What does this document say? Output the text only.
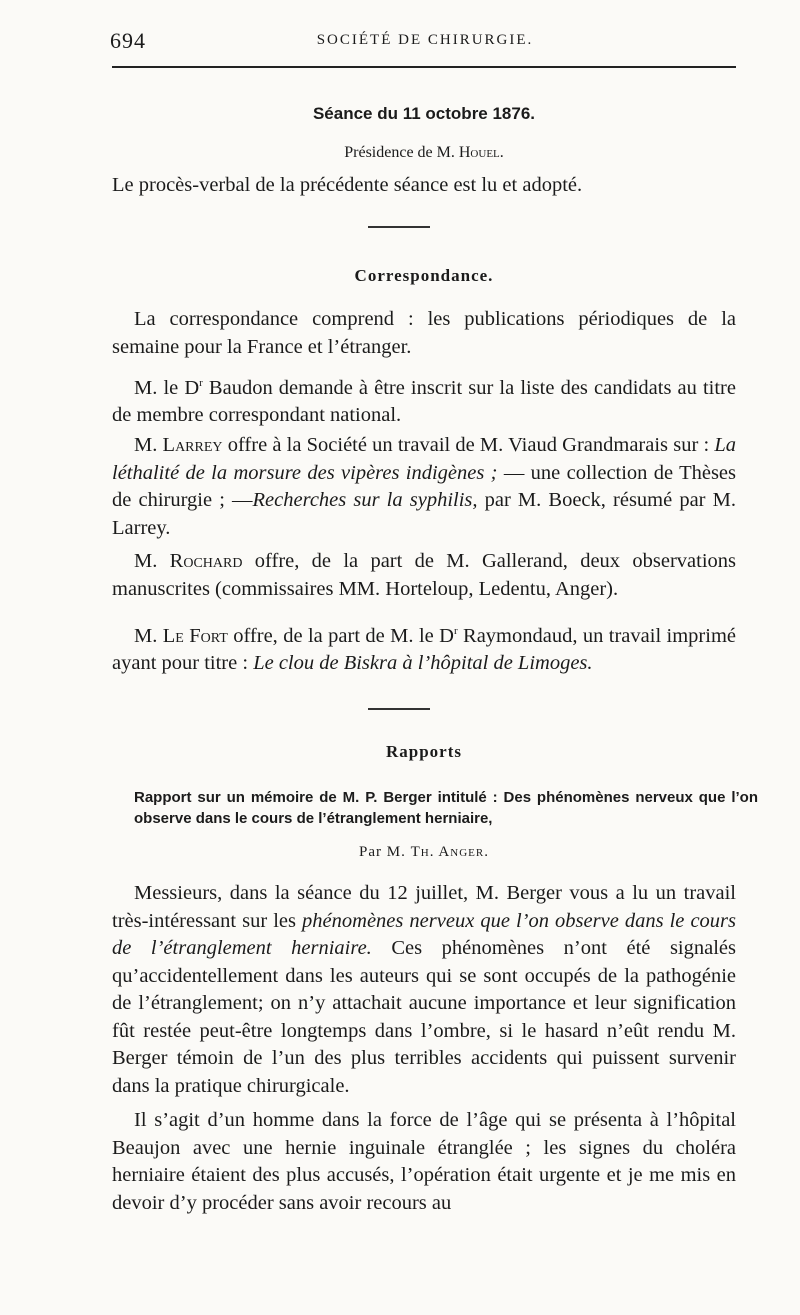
694	SOCIÉTÉ DE CHIRURGIE.
Séance du 11 octobre 1876.
Présidence de M. Houel.
Le procès-verbal de la précédente séance est lu et adopté.
Correspondance.
La correspondance comprend : les publications périodiques de la semaine pour la France et l’étranger.
M. le $D^r$ Baudon demande à être inscrit sur la liste des candidats au titre de membre correspondant national.
M. Larrey offre à la Société un travail de M. Viaud Grandmarais sur : La léthalité de la morsure des vipères indigènes ; — une collection de Thèses de chirurgie ; —Recherches sur la syphilis, par M. Boeck, résumé par M. Larrey.
M. Rochard offre, de la part de M. Gallerand, deux observations manuscrites (commissaires MM. Horteloup, Ledentu, Anger).
M. Le Fort offre, de la part de M. le $D^r$ Raymondaud, un travail imprimé ayant pour titre : Le clou de Biskra à l’hôpital de Limoges.
Rapports
Rapport sur un mémoire de M. P. Berger intitulé : Des phénomènes nerveux que l’on observe dans le cours de l’étranglement herniaire,
Par M. Th. Anger.
Messieurs, dans la séance du 12 juillet, M. Berger vous a lu un travail très-intéressant sur les phénomènes nerveux que l’on observe dans le cours de l’étranglement herniaire. Ces phénomènes n’ont été signalés qu’accidentellement dans les auteurs qui se sont occupés de la pathogénie de l’étranglement; on n’y attachait aucune importance et leur signification fût restée peut-être longtemps dans l’ombre, si le hasard n’eût rendu M. Berger témoin de l’un des plus terribles accidents qui puissent survenir dans la pratique chirurgicale.
Il s’agit d’un homme dans la force de l’âge qui se présenta à l’hôpital Beaujon avec une hernie inguinale étranglée ; les signes du choléra herniaire étaient des plus accusés, l’opération était urgente et je me mis en devoir d’y procéder sans avoir recours au
